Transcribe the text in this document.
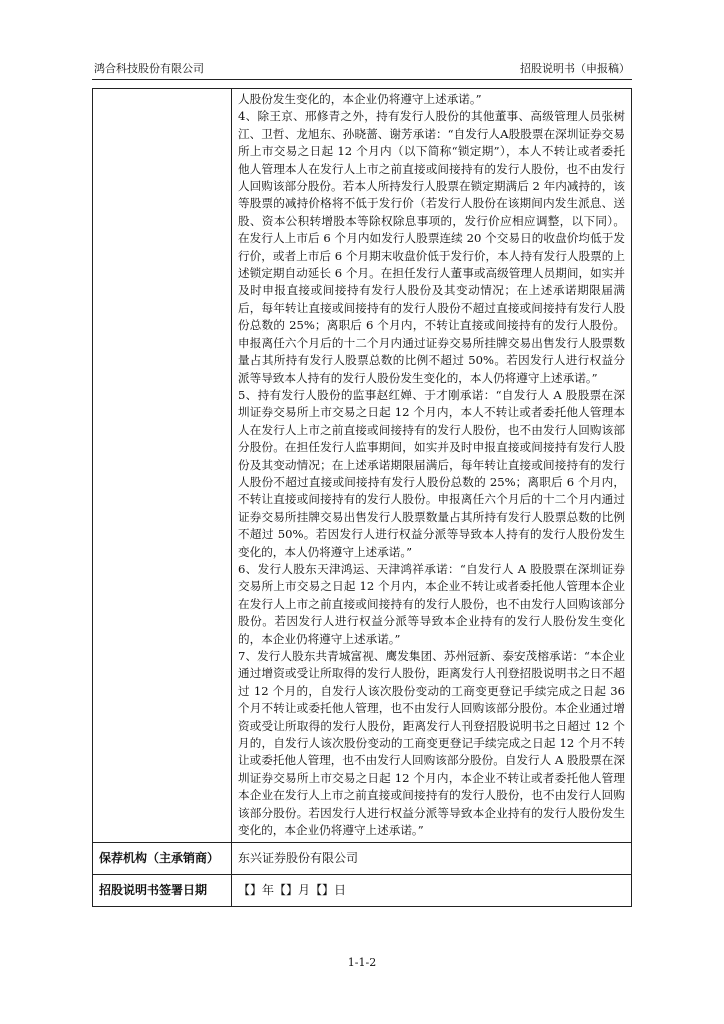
鸿合科技股份有限公司	招股说明书（申报稿）

	人股份发生变化的，本企业仍将遵守上述承诺。”

4、除王京、邢修青之外，持有发行人股份的其他董事、高级管理人员张树江、卫哲、龙旭东、孙晓蔷、谢芳承诺：“自发行人A股股票在深圳证券交易所上市交易之日起 12 个月内（以下简称“锁定期”），本人不转让或者委托他人管理本人在发行人上市之前直接或间接持有的发行人股份，也不由发行人回购该部分股份。若本人所持发行人股票在锁定期满后 2 年内减持的，该等股票的减持价格将不低于发行价（若发行人股份在该期间内发生派息、送股、资本公积转增股本等除权除息事项的，发行价应相应调整，以下同）。在发行人上市后 6 个月内如发行人股票连续 20 个交易日的收盘价均低于发行价，或者上市后 6 个月期末收盘价低于发行价，本人持有发行人股票的上述锁定期自动延长 6 个月。在担任发行人董事或高级管理人员期间，如实并及时申报直接或间接持有发行人股份及其变动情况；在上述承诺期限届满后，每年转让直接或间接持有的发行人股份不超过直接或间接持有发行人股份总数的 25%；离职后 6 个月内，不转让直接或间接持有的发行人股份。申报离任六个月后的十二个月内通过证券交易所挂牌交易出售发行人股票数量占其所持有发行人股票总数的比例不超过 50%。若因发行人进行权益分派等导致本人持有的发行人股份发生变化的，本人仍将遵守上述承诺。”

5、持有发行人股份的监事赵红婵、于才刚承诺：“自发行人 A 股股票在深圳证券交易所上市交易之日起 12 个月内，本人不转让或者委托他人管理本人在发行人上市之前直接或间接持有的发行人股份，也不由发行人回购该部分股份。在担任发行人监事期间，如实并及时申报直接或间接持有发行人股份及其变动情况；在上述承诺期限届满后，每年转让直接或间接持有的发行人股份不超过直接或间接持有发行人股份总数的 25%；离职后 6 个月内，不转让直接或间接持有的发行人股份。申报离任六个月后的十二个月内通过证券交易所挂牌交易出售发行人股票数量占其所持有发行人股票总数的比例不超过 50%。若因发行人进行权益分派等导致本人持有的发行人股份发生变化的，本人仍将遵守上述承诺。”

6、发行人股东天津鸿运、天津鸿祥承诺：“自发行人 A 股股票在深圳证券交易所上市交易之日起 12 个月内，本企业不转让或者委托他人管理本企业在发行人上市之前直接或间接持有的发行人股份，也不由发行人回购该部分股份。若因发行人进行权益分派等导致本企业持有的发行人股份发生变化的，本企业仍将遵守上述承诺。”

7、发行人股东共青城富视、鹰发集团、苏州冠新、泰安茂榕承诺：“本企业通过增资或受让所取得的发行人股份，距离发行人刊登招股说明书之日不超过 12 个月的，自发行人该次股份变动的工商变更登记手续完成之日起 36 个月不转让或委托他人管理，也不由发行人回购该部分股份。本企业通过增资或受让所取得的发行人股份，距离发行人刊登招股说明书之日超过 12 个月的，自发行人该次股份变动的工商变更登记手续完成之日起 12 个月不转让或委托他人管理，也不由发行人回购该部分股份。自发行人 A 股股票在深圳证券交易所上市交易之日起 12 个月内，本企业不转让或者委托他人管理本企业在发行人上市之前直接或间接持有的发行人股份，也不由发行人回购该部分股份。若因发行人进行权益分派等导致本企业持有的发行人股份发生变化的，本企业仍将遵守上述承诺。”

保荐机构（主承销商）	东兴证券股份有限公司

招股说明书签署日期	【】年【】月【】日
1-1-2
